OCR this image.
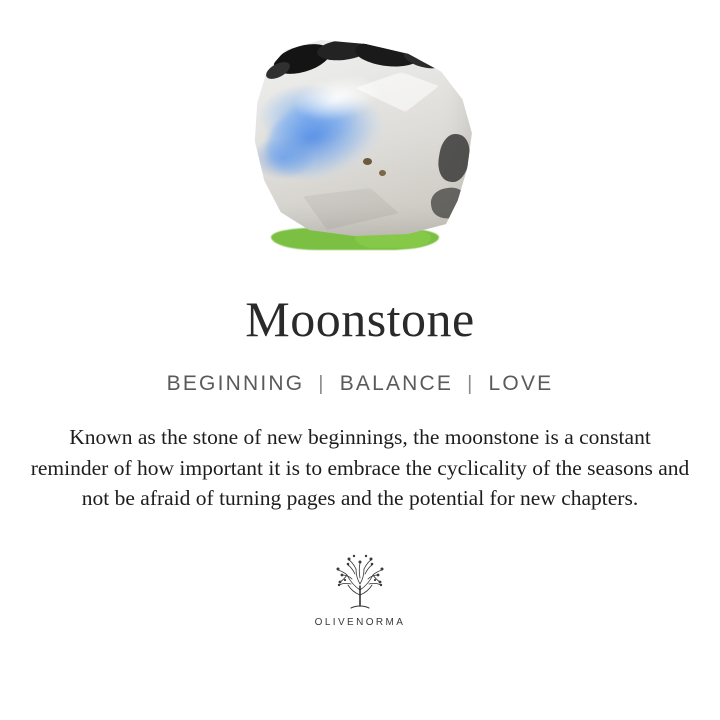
Moonstone
BEGINNING | BALANCE | LOVE
Known as the stone of new beginnings, the moonstone is a constant reminder of how important it is to embrace the cyclicality of the seasons and not be afraid of turning pages and the potential for new chapters.
OLIVENORMA
